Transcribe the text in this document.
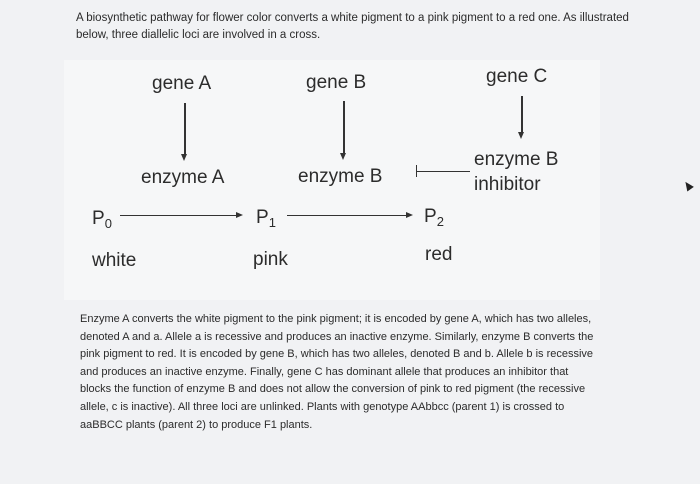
A biosynthetic pathway for flower color converts a white pigment to a pink pigment to a red one. As illustrated below, three diallelic loci are involved in a cross.
gene A	gene B	gene C
enzyme A	enzyme B
enzyme B
inhibitor
$P_0$	$P_1$	$P_2$
white	pink	red
Enzyme A converts the white pigment to the pink pigment; it is encoded by gene A, which has two alleles, denoted A and a. Allele a is recessive and produces an inactive enzyme. Similarly, enzyme B converts the pink pigment to red. It is encoded by gene B, which has two alleles, denoted B and b. Allele b is recessive and produces an inactive enzyme. Finally, gene C has dominant allele that produces an inhibitor that blocks the function of enzyme B and does not allow the conversion of pink to red pigment (the recessive allele, c is inactive). All three loci are unlinked. Plants with genotype AAbbcc (parent 1) is crossed to aaBBCC plants (parent 2) to produce F1 plants.
